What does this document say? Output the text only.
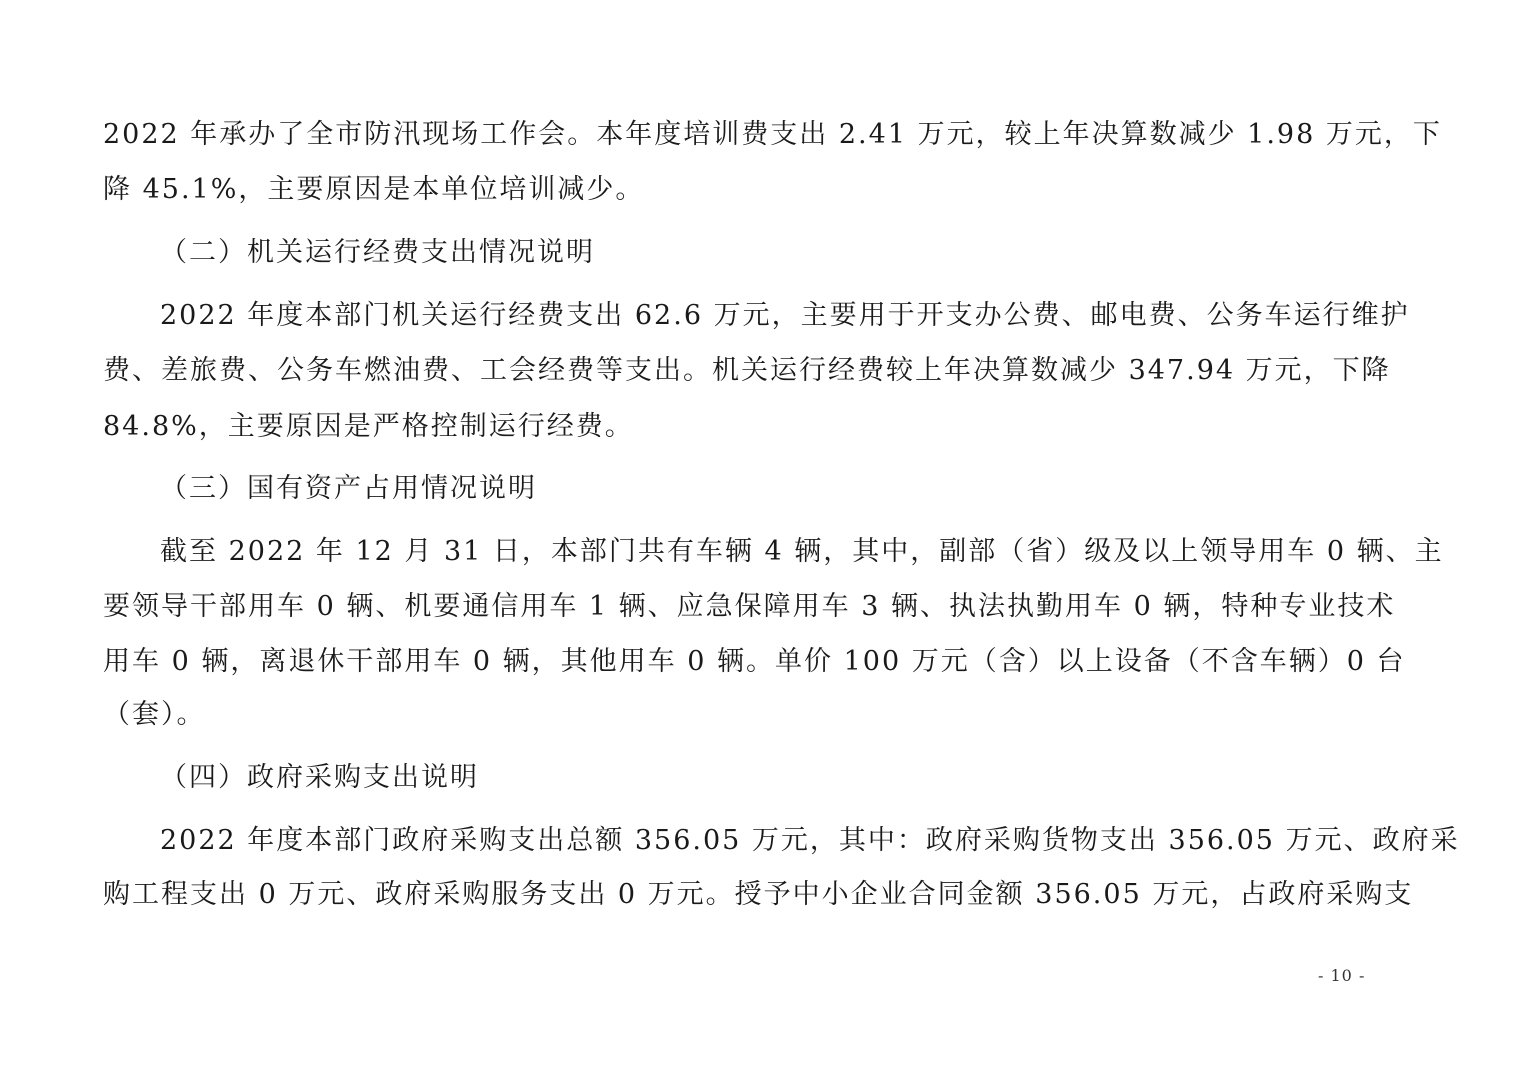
2022 年承办了全市防汛现场工作会。本年度培训费支出 2.41 万元，较上年决算数减少 1.98 万元，下
降 45.1%，主要原因是本单位培训减少。
（二）机关运行经费支出情况说明
2022 年度本部门机关运行经费支出 62.6 万元，主要用于开支办公费、邮电费、公务车运行维护
费、差旅费、公务车燃油费、工会经费等支出。机关运行经费较上年决算数减少 347.94 万元，下降
84.8%，主要原因是严格控制运行经费。
（三）国有资产占用情况说明
截至 2022 年 12 月 31 日，本部门共有车辆 4 辆，其中，副部（省）级及以上领导用车 0 辆、主
要领导干部用车 0 辆、机要通信用车 1 辆、应急保障用车 3 辆、执法执勤用车 0 辆，特种专业技术
用车 0 辆，离退休干部用车 0 辆，其他用车 0 辆。单价 100 万元（含）以上设备（不含车辆）0 台
（套）。
（四）政府采购支出说明
2022 年度本部门政府采购支出总额 356.05 万元，其中：政府采购货物支出 356.05 万元、政府采
购工程支出 0 万元、政府采购服务支出 0 万元。授予中小企业合同金额 356.05 万元，占政府采购支
- 10 -
